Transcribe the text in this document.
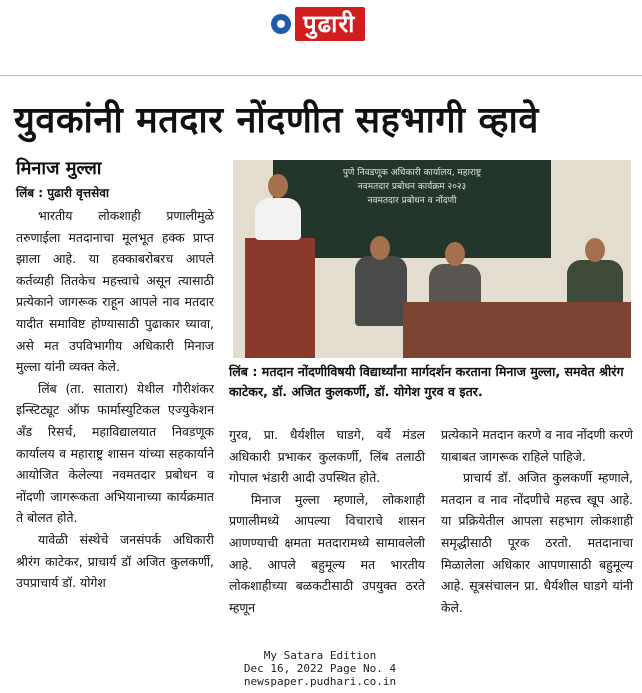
पुढारी
युवकांनी मतदार नोंदणीत सहभागी व्हावे
मिनाज मुल्ला
लिंब : पुढारी वृत्तसेवा

भारतीय लोकशाही प्रणालीमुळे तरुणाईला मतदानाचा मूलभूत हक्क प्राप्त झाला आहे. या हक्काबरोबरच आपले कर्तव्यही तितकेच महत्त्वाचे असून त्यासाठी प्रत्येकाने जागरूक राहून आपले नाव मतदार यादीत समाविष्ट होण्यासाठी पुढाकार घ्यावा, असे मत उपविभागीय अधिकारी मिनाज मुल्ला यांनी व्यक्त केले.

लिंब (ता. सातारा) येथील गौरीशंकर इन्स्टिट्यूट ऑफ फार्मास्युटिकल एज्युकेशन अँड रिसर्च, महाविद्यालयात निवडणूक कार्यालय व महाराष्ट्र शासन यांच्या सहकार्याने आयोजित केलेल्या नवमतदार प्रबोधन व नोंदणी जागरूकता अभियानाच्या कार्यक्रमात ते बोलत होते.

यावेळी संस्थेचे जनसंपर्क अधिकारी श्रीरंग काटेकर, प्राचार्य डॉ अजित कुलकर्णी, उपप्राचार्य डॉ. योगेश

पुणे निवडणूक अधिकारी कार्यालय, महाराष्ट्र
नवमतदार प्रबोधन कार्यक्रम २०२३
नवमतदार प्रबोधन व नोंदणी
लिंब : मतदान नोंदणीविषयी विद्यार्थ्यांना मार्गदर्शन करताना मिनाज मुल्ला, समवेत श्रीरंग काटेकर, डॉ. अजित कुलकर्णी, डॉ. योगेश गुरव व इतर.

गुरव, प्रा. धैर्यशील घाडगे, वर्ये मंडल अधिकारी प्रभाकर कुलकर्णी, लिंब तलाठी गोपाल भंडारी आदी उपस्थित होते.

मिनाज मुल्ला म्हणाले, लोकशाही प्रणालीमध्ये आपल्या विचाराचे शासन आणण्याची क्षमता मतदारामध्ये सामावलेली आहे. आपले बहुमूल्य मत भारतीय लोकशाहीच्या बळकटीसाठी उपयुक्त ठरते म्हणून

प्रत्येकाने मतदान करणे व नाव नोंदणी करणे याबाबत जागरूक राहिले पाहिजे.

प्राचार्य डॉ. अजित कुलकर्णी म्हणाले, मतदान व नाव नोंदणीचे महत्त्व खूप आहे. या प्रक्रियेतील आपला सहभाग लोकशाही समृद्धीसाठी पूरक ठरतो. मतदानाचा मिळालेला अधिकार आपणासाठी बहुमूल्य आहे. सूत्रसंचालन प्रा. धैर्यशील घाडगे यांनी केले.

My Satara Edition
Dec 16, 2022 Page No. 4
newspaper.pudhari.co.in
